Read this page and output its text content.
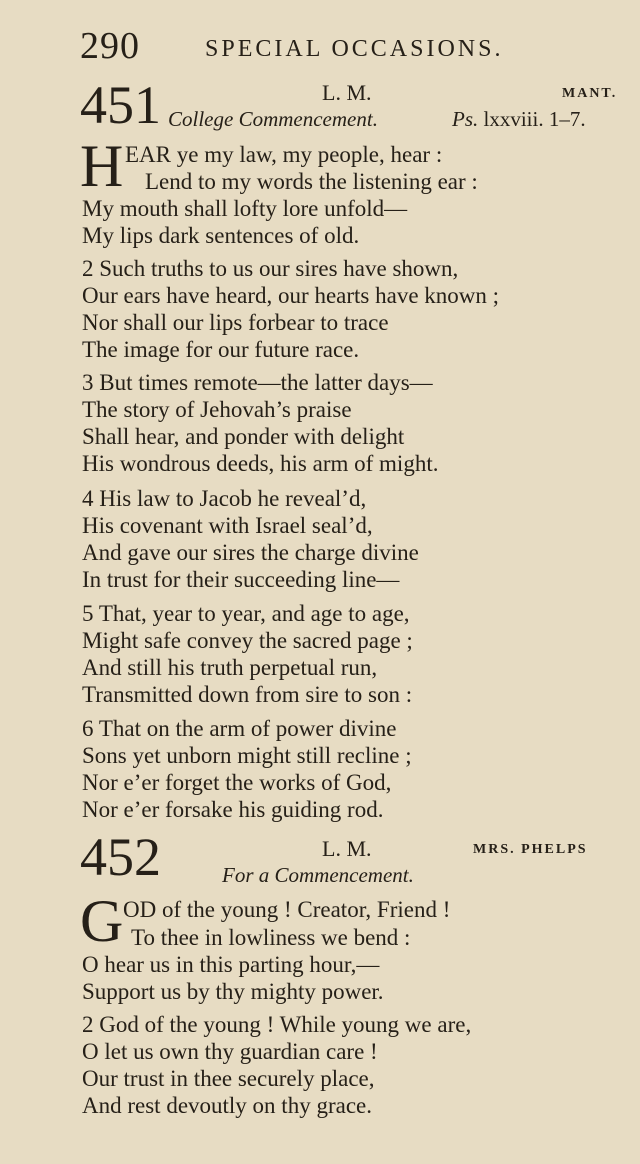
290	SPECIAL OCCASIONS.
451	L. M.	MANT.
College Commencement.	Ps. lxxviii. 1–7.
H EAR ye my law, my people, hear :
Lend to my words the listening ear :
My mouth shall lofty lore unfold—
My lips dark sentences of old.
2 Such truths to us our sires have shown,
Our ears have heard, our hearts have known ;
Nor shall our lips forbear to trace
The image for our future race.
3 But times remote—the latter days—
The story of Jehovah’s praise
Shall hear, and ponder with delight
His wondrous deeds, his arm of might.
4 His law to Jacob he reveal’d,
His covenant with Israel seal’d,
And gave our sires the charge divine
In trust for their succeeding line—
5 That, year to year, and age to age,
Might safe convey the sacred page ;
And still his truth perpetual run,
Transmitted down from sire to son :
6 That on the arm of power divine
Sons yet unborn might still recline ;
Nor e’er forget the works of God,
Nor e’er forsake his guiding rod.
452	L. M.	MRS. PHELPS
For a Commencement.
G OD of the young ! Creator, Friend !
To thee in lowliness we bend :
O hear us in this parting hour,—
Support us by thy mighty power.
2 God of the young ! While young we are,
O let us own thy guardian care !
Our trust in thee securely place,
And rest devoutly on thy grace.
